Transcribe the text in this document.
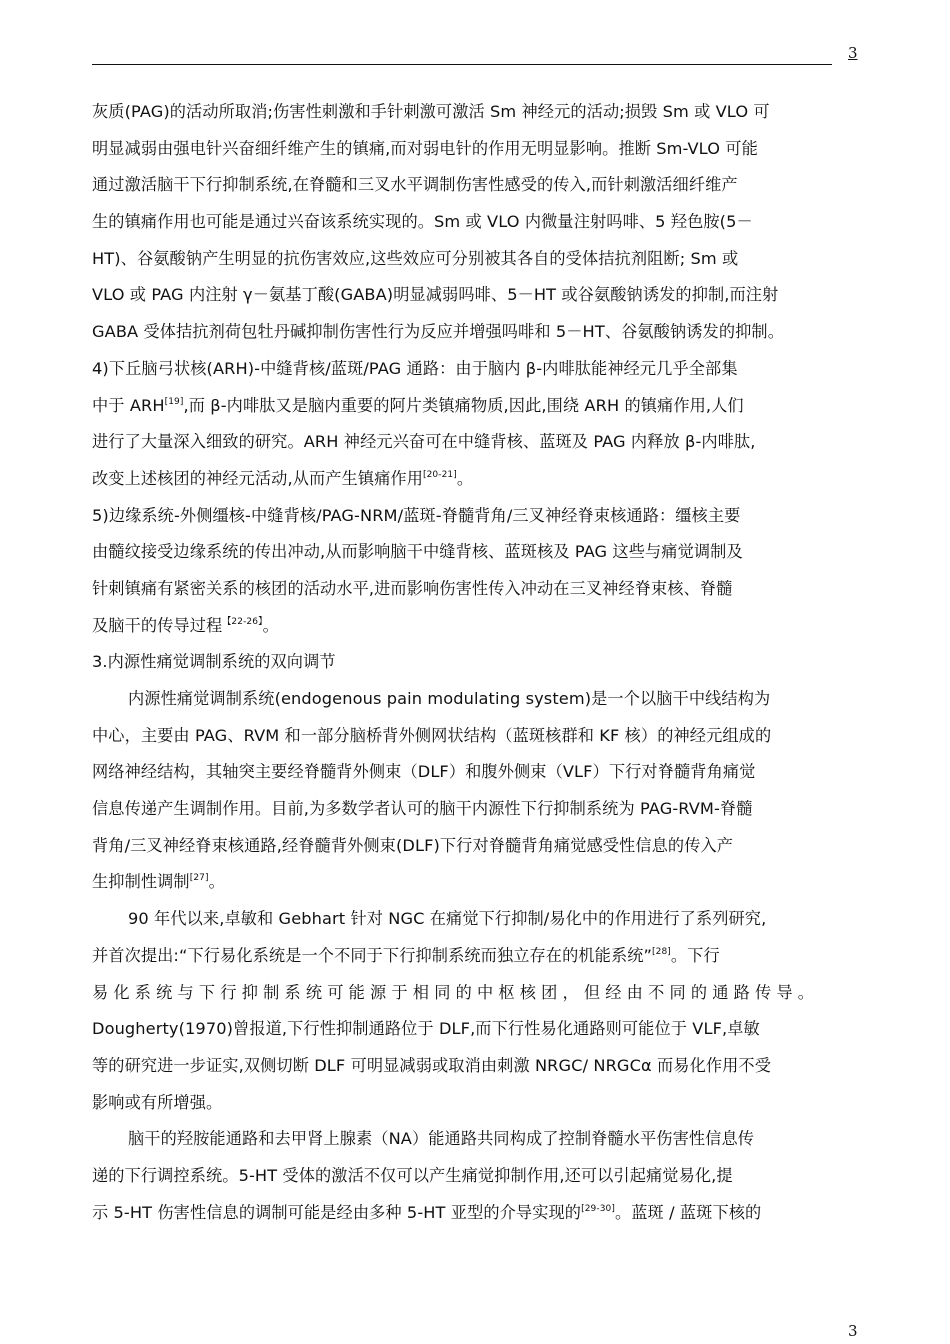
3
灰质(PAG)的活动所取消;伤害性刺激和手针刺激可激活 Sm 神经元的活动;损毁 Sm 或 VLO 可
明显减弱由强电针兴奋细纤维产生的镇痛,而对弱电针的作用无明显影响。推断 Sm-VLO 可能
通过激活脑干下行抑制系统,在脊髓和三叉水平调制伤害性感受的传入,而针刺激活细纤维产
生的镇痛作用也可能是通过兴奋该系统实现的。Sm 或 VLO 内微量注射吗啡、5 羟色胺(5－
HT)、谷氨酸钠产生明显的抗伤害效应,这些效应可分别被其各自的受体拮抗剂阻断; Sm 或
VLO 或 PAG 内注射 γ－氨基丁酸(GABA)明显减弱吗啡、5－HT 或谷氨酸钠诱发的抑制,而注射
GABA 受体拮抗剂荷包牡丹碱抑制伤害性行为反应并增强吗啡和 5－HT、谷氨酸钠诱发的抑制。
4)下丘脑弓状核(ARH)-中缝背核/蓝斑/PAG 通路：由于脑内 β-内啡肽能神经元几乎全部集
中于 ARH[19],而 β-内啡肽又是脑内重要的阿片类镇痛物质,因此,围绕 ARH 的镇痛作用,人们
进行了大量深入细致的研究。ARH 神经元兴奋可在中缝背核、蓝斑及 PAG 内释放 β-内啡肽,
改变上述核团的神经元活动,从而产生镇痛作用[20-21]。
5)边缘系统-外侧缰核-中缝背核/PAG-NRM/蓝斑-脊髓背角/三叉神经脊束核通路：缰核主要
由髓纹接受边缘系统的传出冲动,从而影响脑干中缝背核、蓝斑核及 PAG 这些与痛觉调制及
针刺镇痛有紧密关系的核团的活动水平,进而影响伤害性传入冲动在三叉神经脊束核、脊髓
及脑干的传导过程$^{【22-26】}$。
3.内源性痛觉调制系统的双向调节
内源性痛觉调制系统(endogenous pain modulating system)是一个以脑干中线结构为
中心，主要由 PAG、RVM 和一部分脑桥背外侧网状结构（蓝斑核群和 KF 核）的神经元组成的
网络神经结构，其轴突主要经脊髓背外侧束（DLF）和腹外侧束（VLF）下行对脊髓背角痛觉
信息传递产生调制作用。目前,为多数学者认可的脑干内源性下行抑制系统为 PAG-RVM-脊髓
背角/三叉神经脊束核通路,经脊髓背外侧束(DLF)下行对脊髓背角痛觉感受性信息的传入产
生抑制性调制[27]。
90 年代以来,卓敏和 Gebhart 针对 NGC 在痛觉下行抑制/易化中的作用进行了系列研究,
并首次提出:“下行易化系统是一个不同于下行抑制系统而独立存在的机能系统”[28]。下行
易化系统与下行抑制系统可能源于相同的中枢核团，但经由不同的通路传导。
Dougherty(1970)曾报道,下行性抑制通路位于 DLF,而下行性易化通路则可能位于 VLF,卓敏
等的研究进一步证实,双侧切断 DLF 可明显减弱或取消由刺激 NRGC/ NRGCα 而易化作用不受
影响或有所增强。
脑干的羟胺能通路和去甲肾上腺素（NA）能通路共同构成了控制脊髓水平伤害性信息传
递的下行调控系统。5-HT 受体的激活不仅可以产生痛觉抑制作用,还可以引起痛觉易化,提
示 5-HT 伤害性信息的调制可能是经由多种 5-HT 亚型的介导实现的[29-30]。蓝斑 / 蓝斑下核的
3
